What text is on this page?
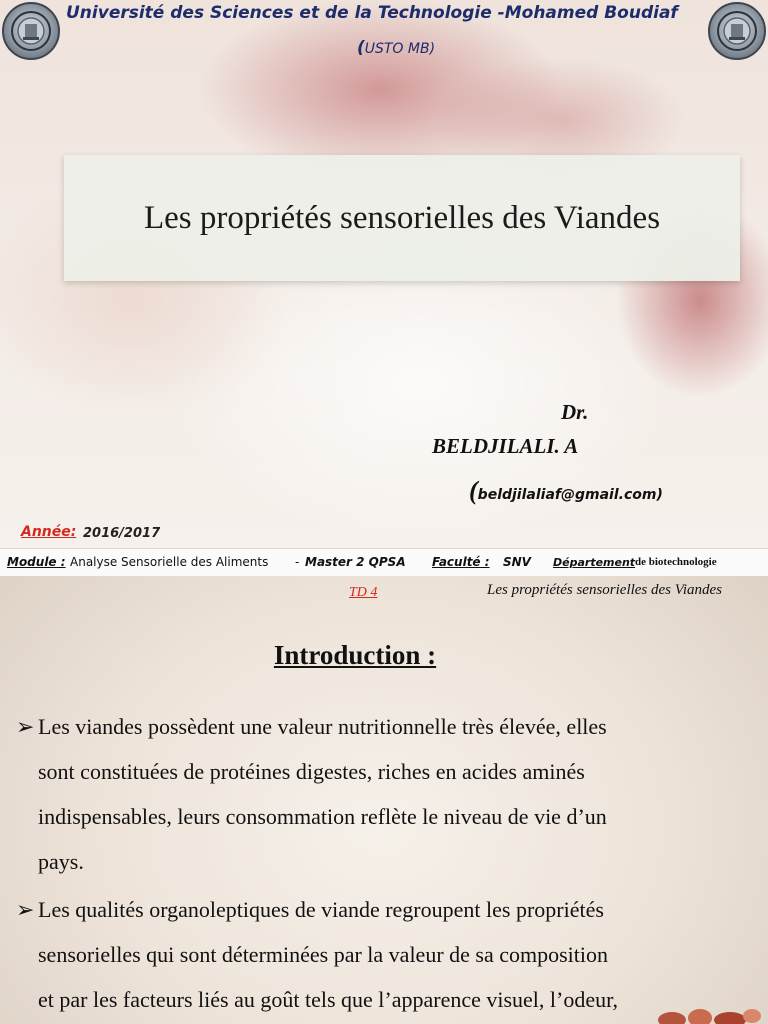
Université des Sciences et de la Technologie -Mohamed Boudiaf
(USTO MB)
Les propriétés sensorielles des Viandes
Dr.
BELDJILALI. A
(beldjilaliaf@gmail.com)
Année: 2016/2017
Module : Analyse Sensorielle des Aliments - Master 2 QPSA Faculté : SNV Département de biotechnologie
TD 4	Les propriétés sensorielles des Viandes
Introduction :
➢ Les viandes possèdent une valeur nutritionnelle très élevée, elles
sont constituées de protéines digestes, riches en acides aminés
indispensables, leurs consommation reflète le niveau de vie d’un
pays.
➢ Les qualités organoleptiques de viande regroupent les propriétés
sensorielles qui sont déterminées par la valeur de sa composition
et par les facteurs liés au goût tels que l’apparence visuel, l’odeur,
